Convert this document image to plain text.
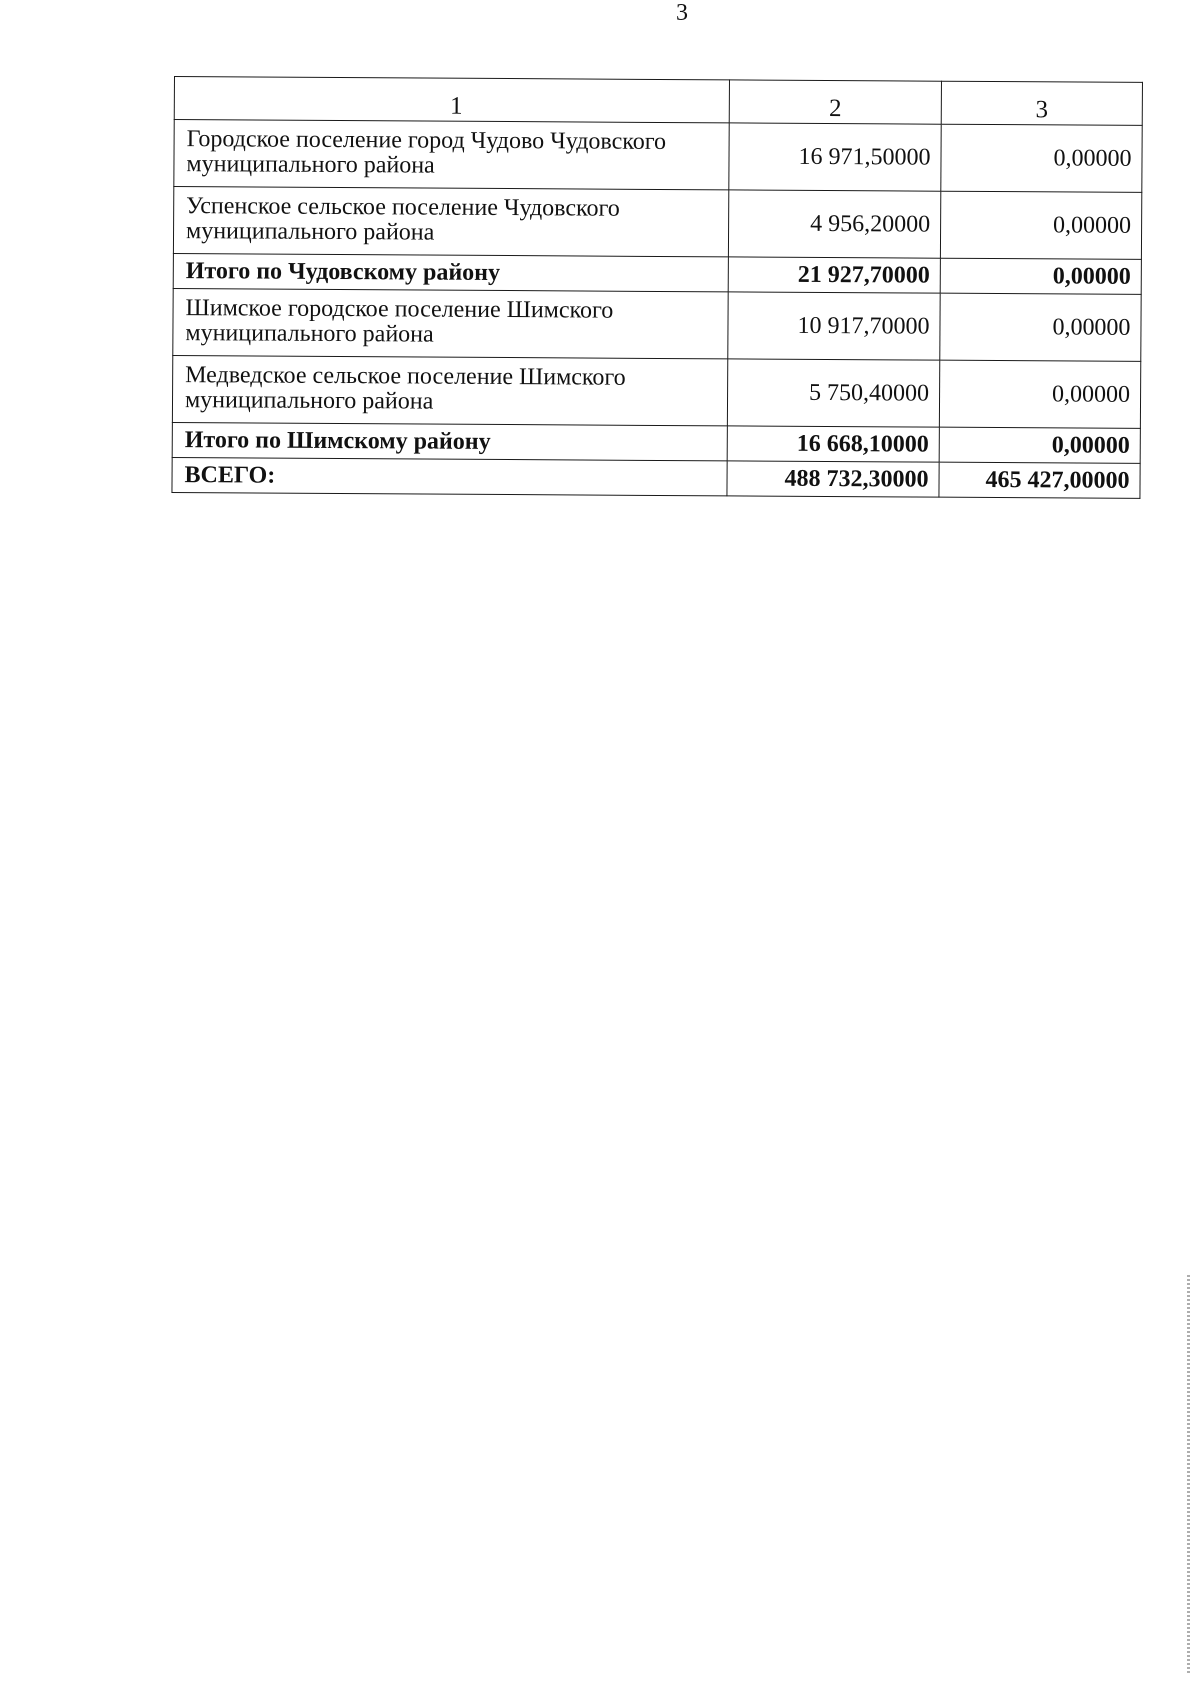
3
1	2	3
Городское поселение город Чудово Чудовского муниципального района	16 971,50000	0,00000
Успенское сельское поселение Чудовского муниципального района	4 956,20000	0,00000
Итого по Чудовскому району	21 927,70000	0,00000
Шимское городское поселение Шимского муниципального района	10 917,70000	0,00000
Медведское сельское поселение Шимского муниципального района	5 750,40000	0,00000
Итого по Шимскому району	16 668,10000	0,00000
ВСЕГО:	488 732,30000	465 427,00000
